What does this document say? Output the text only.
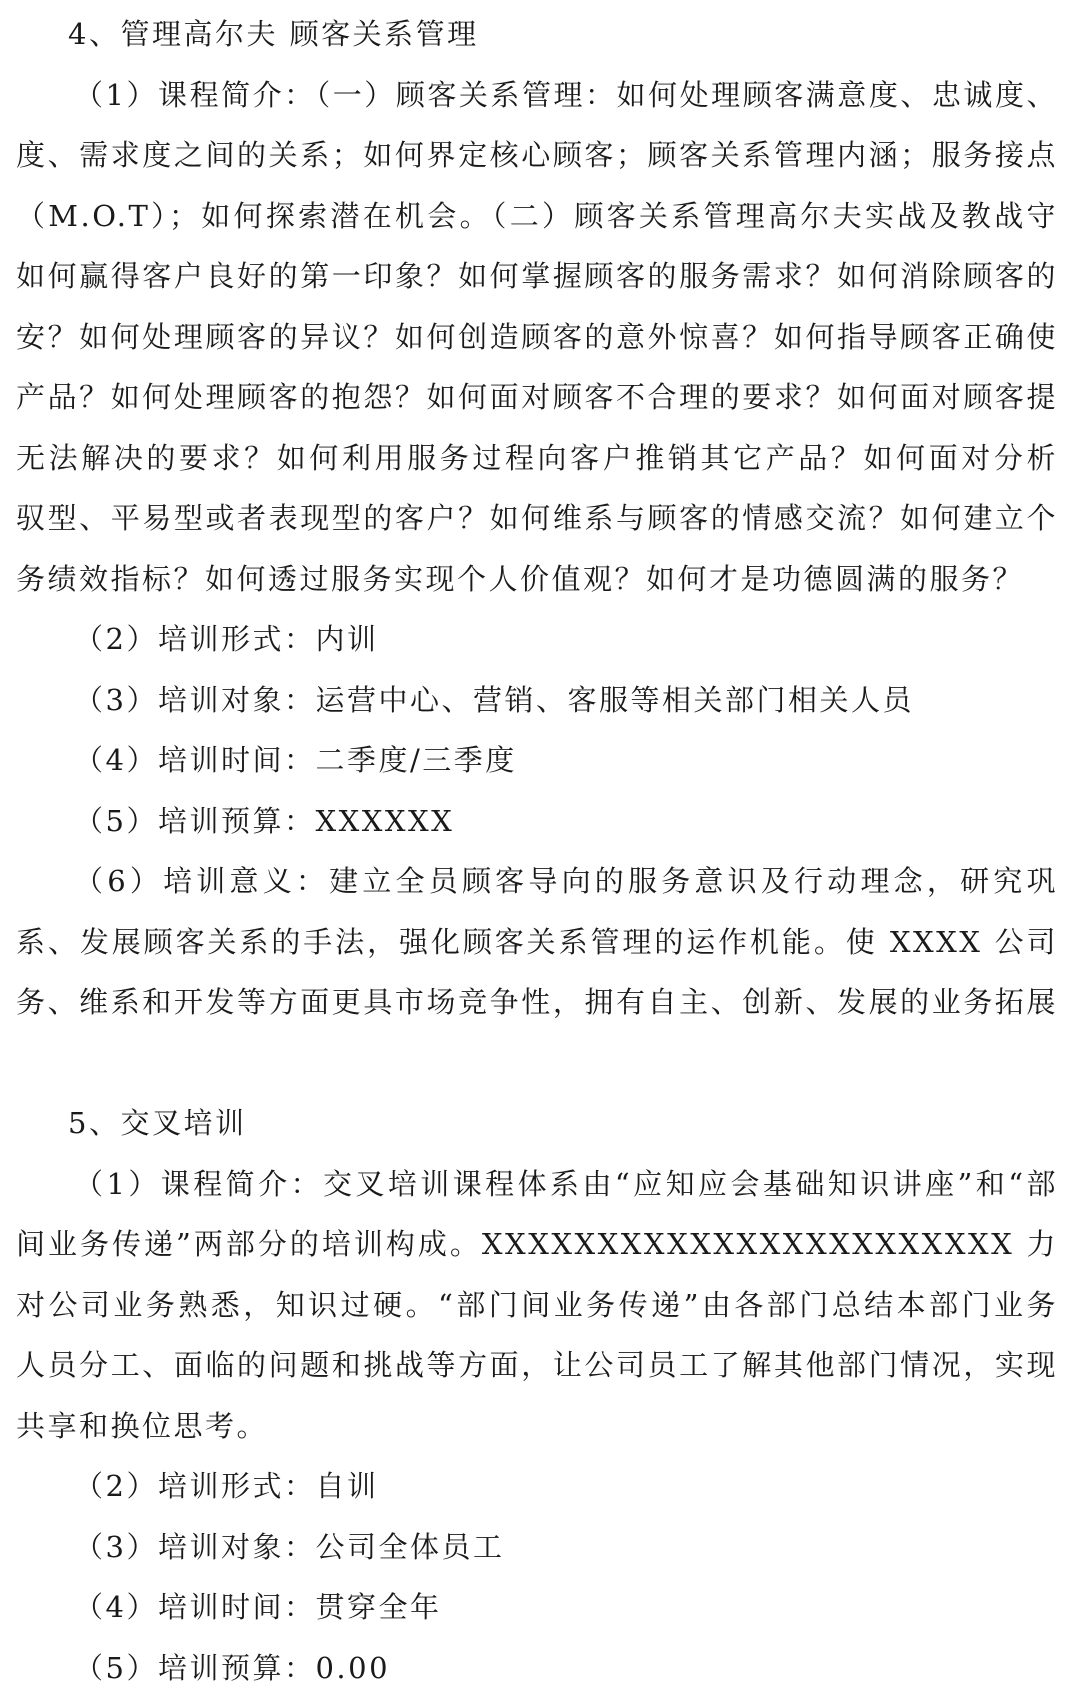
4、管理高尔夫 顾客关系管理
（1）课程简介：（一）顾客关系管理：如何处理顾客满意度、忠诚度、
度、需求度之间的关系；如何界定核心顾客；顾客关系管理内涵；服务接点
（M.O.T）；如何探索潜在机会。（二）顾客关系管理高尔夫实战及教战守
如何赢得客户良好的第一印象？如何掌握顾客的服务需求？如何消除顾客的
安？如何处理顾客的异议？如何创造顾客的意外惊喜？如何指导顾客正确使
产品？如何处理顾客的抱怨？如何面对顾客不合理的要求？如何面对顾客提
无法解决的要求？如何利用服务过程向客户推销其它产品？如何面对分析
驭型、平易型或者表现型的客户？如何维系与顾客的情感交流？如何建立个
务绩效指标？如何透过服务实现个人价值观？如何才是功德圆满的服务？
（2）培训形式：内训
（3）培训对象：运营中心、营销、客服等相关部门相关人员
（4）培训时间：二季度/三季度
（5）培训预算：XXXXXX
（6）培训意义：建立全员顾客导向的服务意识及行动理念，研究巩
系、发展顾客关系的手法，强化顾客关系管理的运作机能。使 XXXX 公司
务、维系和开发等方面更具市场竞争性，拥有自主、创新、发展的业务拓展
5、交叉培训
（1）课程简介：交叉培训课程体系由“应知应会基础知识讲座”和“部
间业务传递”两部分的培训构成。XXXXXXXXXXXXXXXXXXXXXXX 力
对公司业务熟悉，知识过硬。“部门间业务传递”由各部门总结本部门业务
人员分工、面临的问题和挑战等方面，让公司员工了解其他部门情况，实现
共享和换位思考。
（2）培训形式：自训
（3）培训对象：公司全体员工
（4）培训时间：贯穿全年
（5）培训预算：0.00
